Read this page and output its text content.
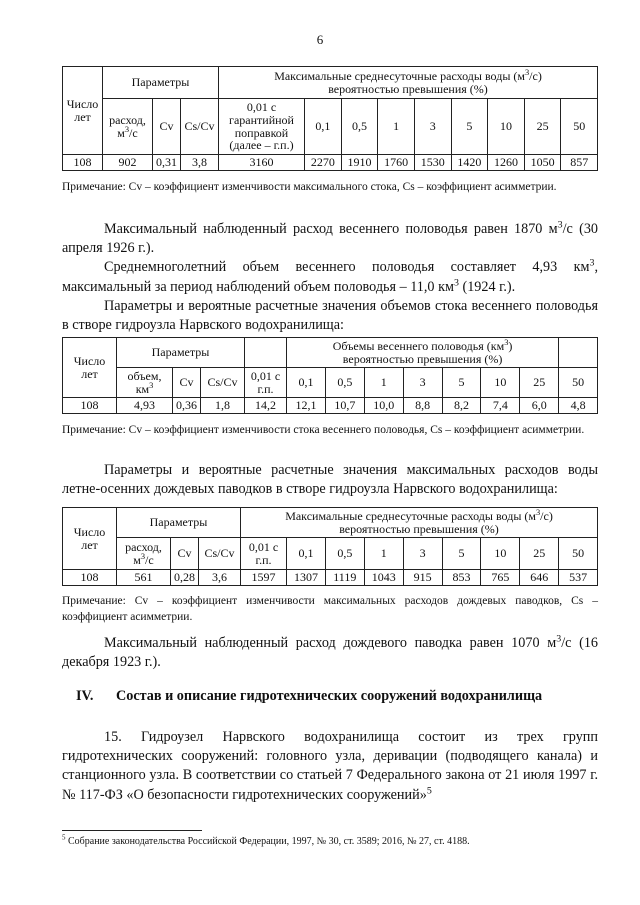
6
Число лет	Параметры			Максимальные среднесуточные расходы воды $(м^3/с)$
вероятностью превышения (%)								
	расход,
$м^3/с$	Cv	Cs/Cv	0,01 с гарантийной поправкой (далее – г.п.)	0,1	0,5	1	3	5	10	25	50
108	902	0,31	3,8	3160	2270	1910	1760	1530	1420	1260	1050	857
Примечание: Cv – коэффициент изменчивости максимального стока, Cs – коэффициент асимметрии.

Максимальный наблюденный расход весеннего половодья равен 1870 $м^3/с$ (30 апреля 1926 г.).

Среднемноголетний объем весеннего половодья составляет 4,93 $км^3$, максимальный за период наблюдений объем половодья – 11,0 $км^3$ (1924 г.).

Параметры и вероятные расчетные значения объемов стока весеннего половодья в створе гидроузла Нарвского водохранилища:

Число лет	Параметры				Объемы весеннего половодья $(км^3)$
вероятностью превышения (%)							
	объем,
$км^3$	Cv	Cs/Cv	0,01 с г.п.	0,1	0,5	1	3	5	10	25	50
108	4,93	0,36	1,8	14,2	12,1	10,7	10,0	8,8	8,2	7,4	6,0	4,8
Примечание: Cv – коэффициент изменчивости стока весеннего половодья, Cs – коэффициент асимметрии.

Параметры и вероятные расчетные значения максимальных расходов воды летне-осенних дождевых паводков в створе гидроузла Нарвского водохранилища:

Число лет	Параметры			Максимальные среднесуточные расходы воды $(м^3/с)$
вероятностью превышения (%)								
	расход,
$м^3/с$	Cv	Cs/Cv	0,01 с г.п.	0,1	0,5	1	3	5	10	25	50
108	561	0,28	3,6	1597	1307	1119	1043	915	853	765	646	537
Примечание: Cv – коэффициент изменчивости максимальных расходов дождевых паводков, Cs – коэффициент асимметрии.

Максимальный наблюденный расход дождевого паводка равен 1070 $м^3/с$ (16 декабря 1923 г.).

IV. Состав и описание гидротехнических сооружений водохранилища

15. Гидроузел Нарвского водохранилища состоит из трех групп гидротехнических сооружений: головного узла, деривации (подводящего канала) и станционного узла. В соответствии со статьей 7 Федерального закона от 21 июля 1997 г. № 117-ФЗ «О безопасности гидротехнических сооружений»$^5$

$^5$ Собрание законодательства Российской Федерации, 1997, № 30, ст. 3589; 2016, № 27, ст. 4188.
